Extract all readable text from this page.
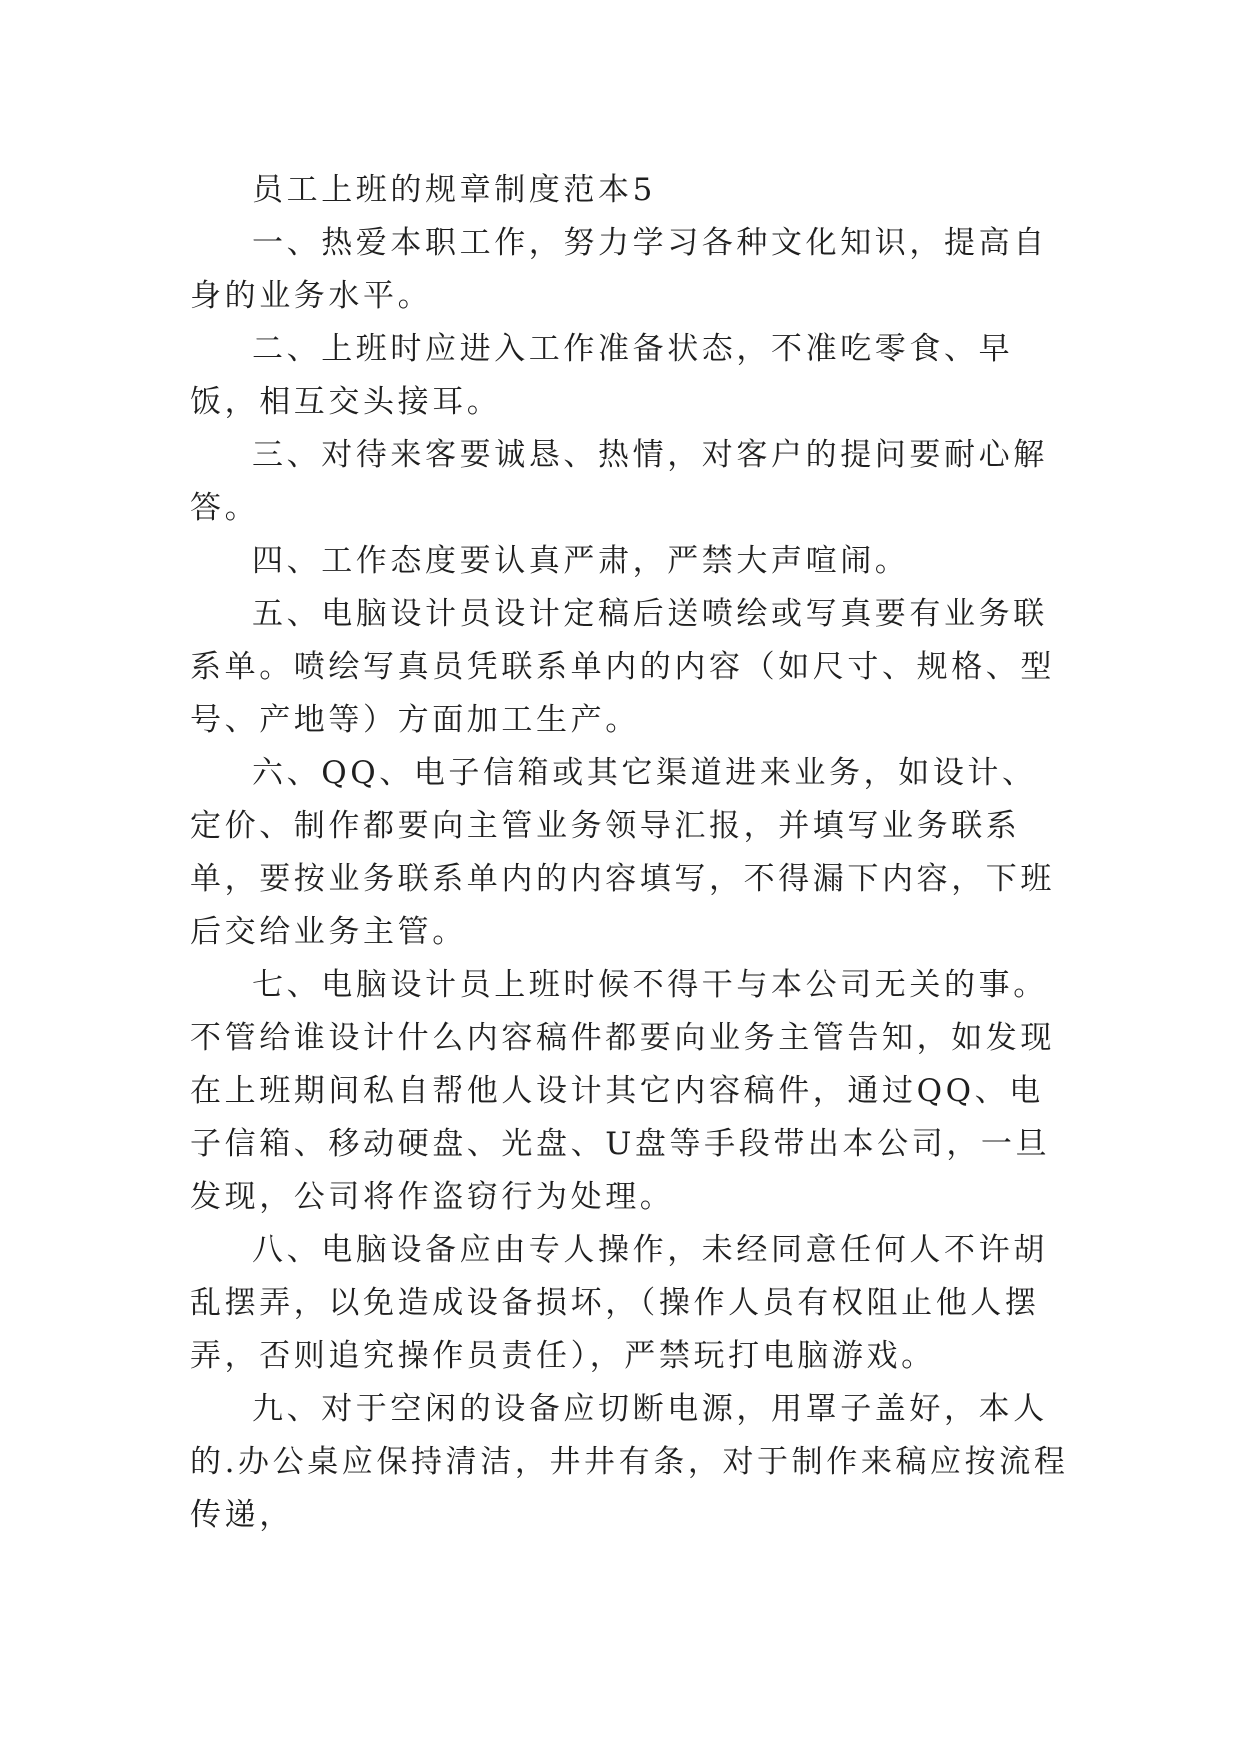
员工上班的规章制度范本5

一、热爱本职工作，努力学习各种文化知识，提高自身的业务水平。

二、上班时应进入工作准备状态，不准吃零食、早饭，相互交头接耳。

三、对待来客要诚恳、热情，对客户的提问要耐心解答。

四、工作态度要认真严肃，严禁大声喧闹。

五、电脑设计员设计定稿后送喷绘或写真要有业务联系单。喷绘写真员凭联系单内的内容（如尺寸、规格、型号、产地等）方面加工生产。

六、QQ、电子信箱或其它渠道进来业务，如设计、定价、制作都要向主管业务领导汇报，并填写业务联系单，要按业务联系单内的内容填写，不得漏下内容，下班后交给业务主管。

七、电脑设计员上班时候不得干与本公司无关的事。不管给谁设计什么内容稿件都要向业务主管告知，如发现在上班期间私自帮他人设计其它内容稿件，通过QQ、电子信箱、移动硬盘、光盘、U盘等手段带出本公司，一旦发现，公司将作盗窃行为处理。

八、电脑设备应由专人操作，未经同意任何人不许胡乱摆弄，以免造成设备损坏，（操作人员有权阻止他人摆弄，否则追究操作员责任），严禁玩打电脑游戏。

九、对于空闲的设备应切断电源，用罩子盖好，本人的.办公桌应保持清洁，井井有条，对于制作来稿应按流程传递，
